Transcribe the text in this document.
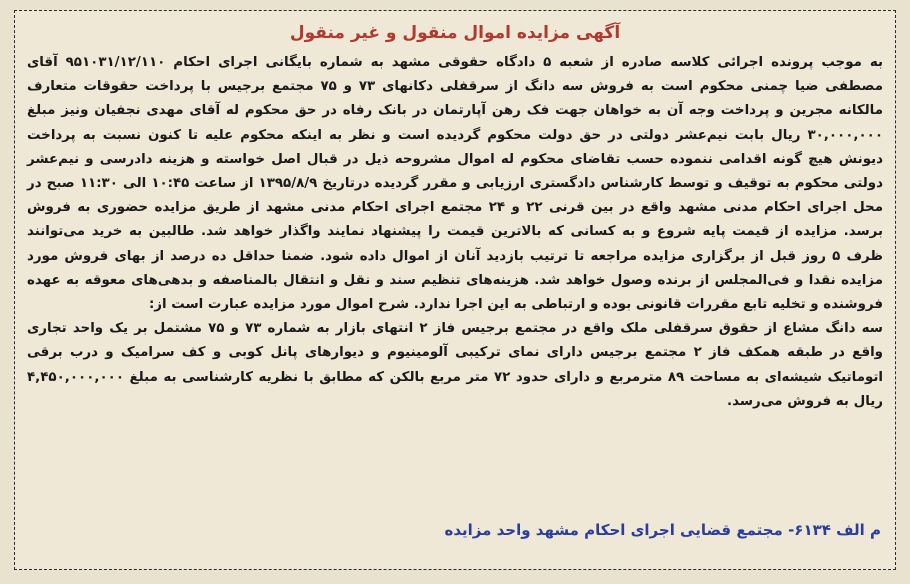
آگهی مزایده اموال منقول و غیر منقول

به موجب پرونده اجرائی کلاسه صادره از شعبه ۵ دادگاه حقوقی مشهد به شماره بایگانی اجرای احکام ۹۵۱۰۳۱/۱۲/۱۱۰ آقای مصطفی ضیا چمنی محکوم است به فروش سه دانگ از سرقفلی دکانهای ۷۳ و ۷۵ مجتمع برجیس با پرداخت حقوقات متعارف مالکانه مجرین و پرداخت وجه آن به خواهان جهت فک رهن آپارتمان در بانک رفاه در حق محکوم له آقای مهدی نجفیان ونیز مبلغ ۳۰,۰۰۰,۰۰۰ ریال بابت نیم‌عشر دولتی در حق دولت محکوم گردیده است و نظر به اینکه محکوم علیه تا کنون نسبت به پرداخت دیونش هیچ گونه اقدامی ننموده حسب تقاضای محکوم له اموال مشروحه ذیل در قبال اصل خواسته و هزینه دادرسی و نیم‌عشر دولتی محکوم به توقیف و توسط کارشناس دادگستری ارزیابی و مقرر گردیده درتاریخ ۱۳۹۵/۸/۹ از ساعت ۱۰:۴۵ الی ۱۱:۳۰ صبح در محل اجرای احکام مدنی مشهد واقع در بین قرنی ۲۲ و ۲۴ مجتمع اجرای احکام مدنی مشهد از طریق مزایده حضوری به فروش برسد. مزایده از قیمت پایه شروع و به کسانی که بالاترین قیمت را پیشنهاد نمایند واگذار خواهد شد. طالبین به خرید می‌توانند ظرف ۵ روز قبل از برگزاری مزایده مراجعه تا ترتیب بازدید آنان از اموال داده شود. ضمنا حداقل ده درصد از بهای فروش مورد مزایده نقدا و فی‌المجلس از برنده وصول خواهد شد. هزینه‌های تنظیم سند و نقل و انتقال بالمناصفه و بدهی‌های معوقه به عهده فروشنده و تخلیه تابع مقررات قانونی بوده و ارتباطی به این اجرا ندارد. شرح اموال مورد مزایده عبارت است از:

سه دانگ مشاع از حقوق سرقفلی ملک واقع در مجتمع برجیس فاز ۲ انتهای بازار به شماره ۷۳ و ۷۵ مشتمل بر یک واحد تجاری واقع در طبقه همکف فاز ۲ مجتمع برجیس دارای نمای ترکیبی آلومینیوم و دیوارهای پانل کوبی و کف سرامیک و درب برقی اتوماتیک شیشه‌ای به مساحت ۸۹ مترمربع و دارای حدود ۷۲ متر مربع بالکن که مطابق با نظریه کارشناسی به مبلغ ۴,۴۵۰,۰۰۰,۰۰۰ ریال به فروش می‌رسد.

م الف ۶۱۳۴- مجتمع قضایی اجرای احکام مشهد واحد مزایده
